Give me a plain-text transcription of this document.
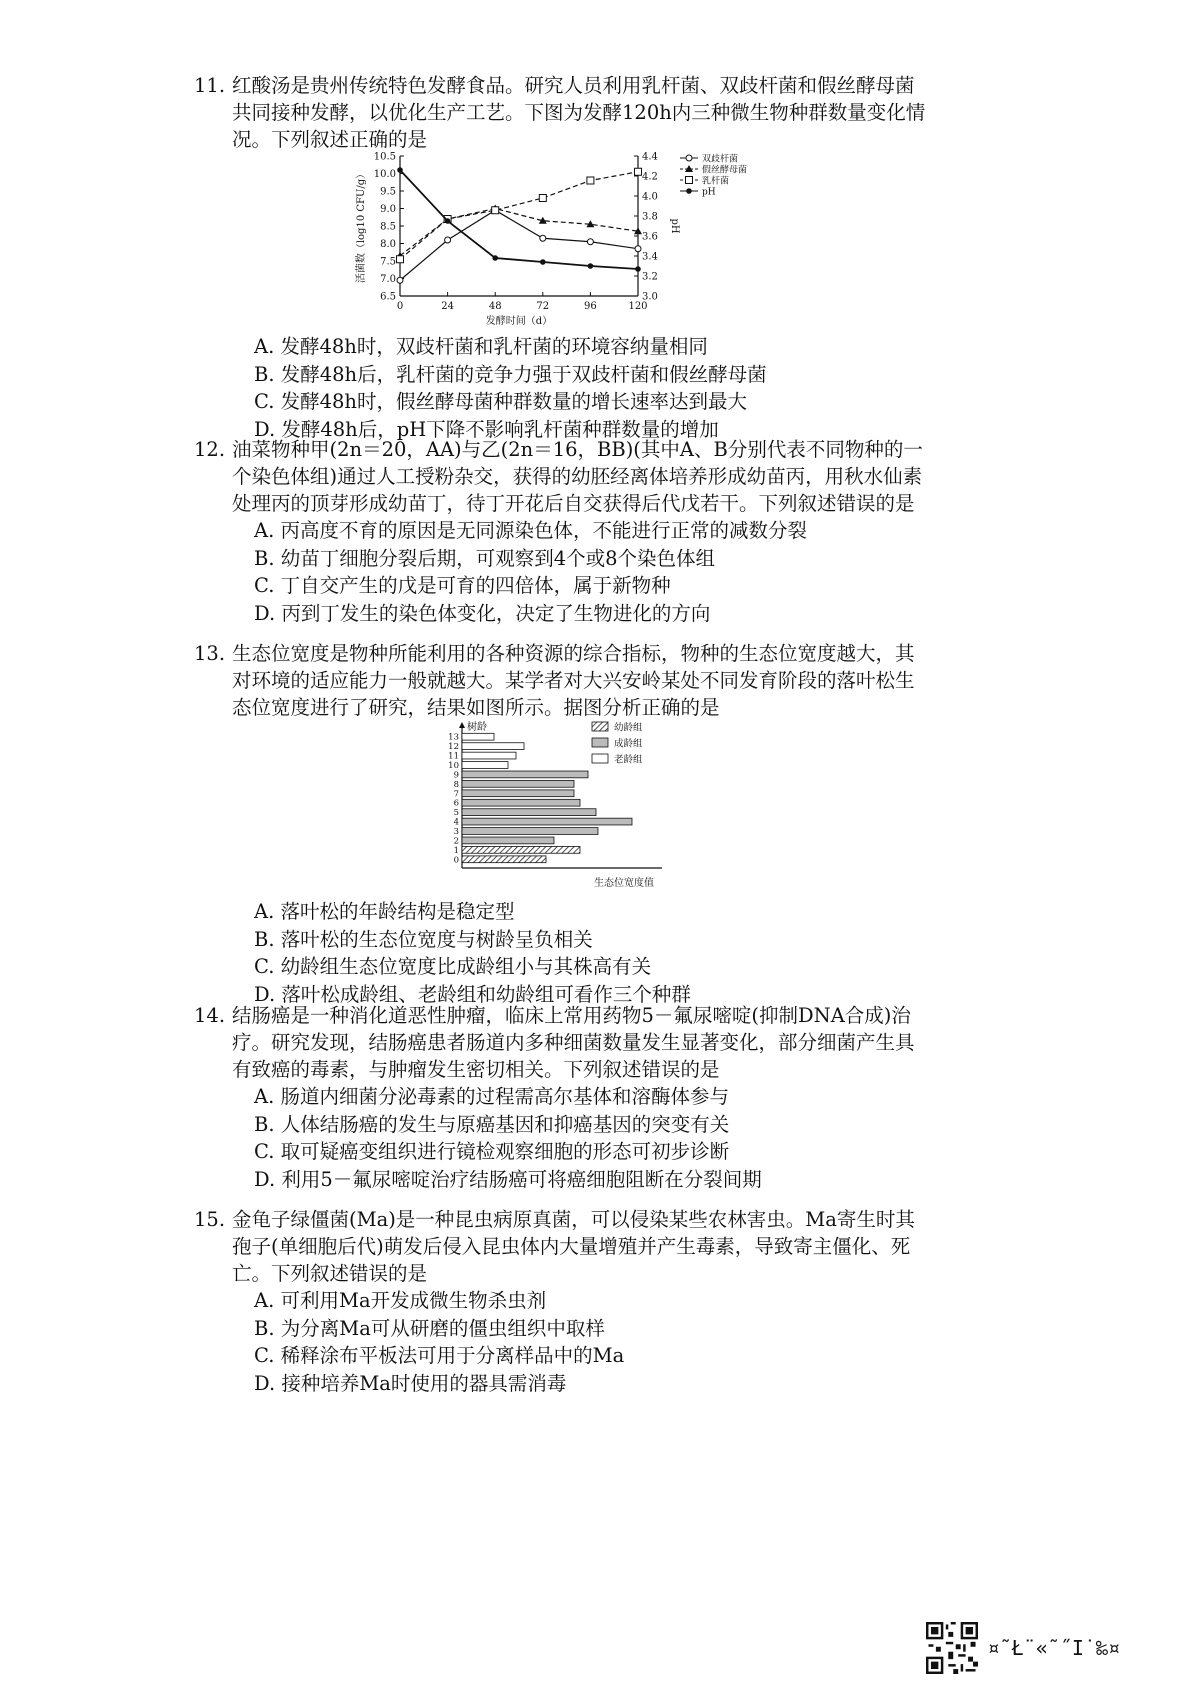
11. 红酸汤是贵州传统特色发酵食品。研究人员利用乳杆菌、双歧杆菌和假丝酵母菌共同接种发酵，以优化生产工艺。下图为发酵120h内三种微生物种群数量变化情况。下列叙述正确的是

6.5
7.0
7.5
8.0
8.5
9.0
9.5
10.0
10.5
3.0
3.2
3.4
3.6
3.8
4.0
4.2
4.4
0	24	48	72	96	120
发酵时间（d）
活菌数（log10 CFU/g）	pH
双歧杆菌
假丝酵母菌
乳杆菌
pH

A. 发酵48h时，双歧杆菌和乳杆菌的环境容纳量相同

B. 发酵48h后，乳杆菌的竞争力强于双歧杆菌和假丝酵母菌

C. 发酵48h时，假丝酵母菌种群数量的增长速率达到最大

D. 发酵48h后，pH下降不影响乳杆菌种群数量的增加

12. 油菜物种甲(2n＝20，AA)与乙(2n＝16，BB)(其中A、B分别代表不同物种的一个染色体组)通过人工授粉杂交，获得的幼胚经离体培养形成幼苗丙，用秋水仙素处理丙的顶芽形成幼苗丁，待丁开花后自交获得后代戊若干。下列叙述错误的是

A. 丙高度不育的原因是无同源染色体，不能进行正常的减数分裂

B. 幼苗丁细胞分裂后期，可观察到4个或8个染色体组

C. 丁自交产生的戊是可育的四倍体，属于新物种

D. 丙到丁发生的染色体变化，决定了生物进化的方向

13. 生态位宽度是物种所能利用的各种资源的综合指标，物种的生态位宽度越大，其对环境的适应能力一般就越大。某学者对大兴安岭某处不同发育阶段的落叶松生态位宽度进行了研究，结果如图所示。据图分析正确的是

树龄
生态位宽度值
0
1
2
3
4
5
6
7
8
9
10
11
12
13
幼龄组
成龄组
老龄组

A. 落叶松的年龄结构是稳定型

B. 落叶松的生态位宽度与树龄呈负相关

C. 幼龄组生态位宽度比成龄组小与其株高有关

D. 落叶松成龄组、老龄组和幼龄组可看作三个种群

14. 结肠癌是一种消化道恶性肿瘤，临床上常用药物5－氟尿嘧啶(抑制DNA合成)治疗。研究发现，结肠癌患者肠道内多种细菌数量发生显著变化，部分细菌产生具有致癌的毒素，与肿瘤发生密切相关。下列叙述错误的是

A. 肠道内细菌分泌毒素的过程需高尔基体和溶酶体参与

B. 人体结肠癌的发生与原癌基因和抑癌基因的突变有关

C. 取可疑癌变组织进行镜检观察细胞的形态可初步诊断

D. 利用5－氟尿嘧啶治疗结肠癌可将癌细胞阻断在分裂间期

15. 金龟子绿僵菌(Ma)是一种昆虫病原真菌，可以侵染某些农林害虫。Ma寄生时其孢子(单细胞后代)萌发后侵入昆虫体内大量增殖并产生毒素，导致寄主僵化、死亡。下列叙述错误的是

A. 可利用Ma开发成微生物杀虫剂

B. 为分离Ma可从研磨的僵虫组织中取样

C. 稀释涂布平板法可用于分离样品中的Ma

D. 接种培养Ma时使用的器具需消毒

¤˜Ł¨«˜˝Ι˙‰¤
